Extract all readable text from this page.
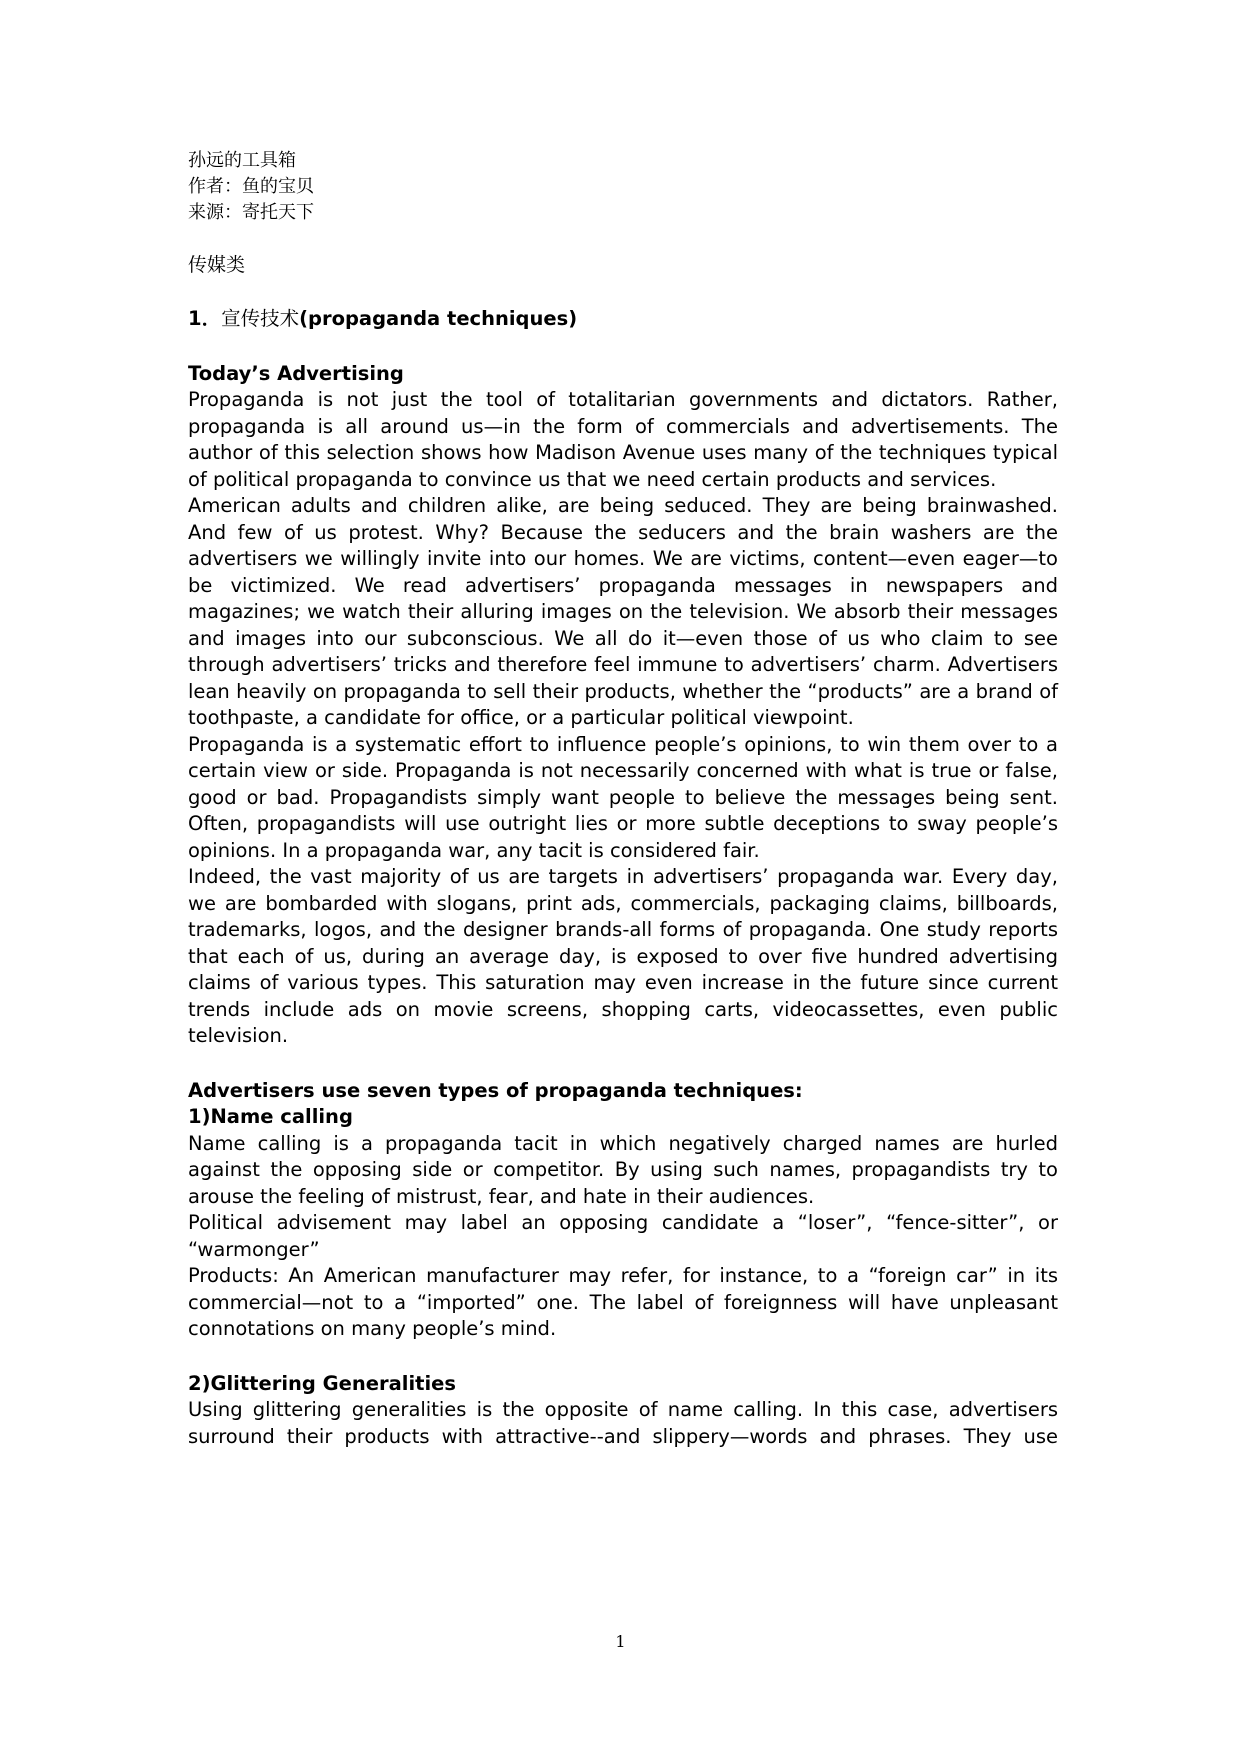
孙远的工具箱

作者：鱼的宝贝

来源：寄托天下

传媒类

1．宣传技术(propaganda techniques)

Today’s Advertising

Propaganda is not just the tool of totalitarian governments and dictators. Rather, propaganda is all around us—in the form of commercials and advertisements. The author of this selection shows how Madison Avenue uses many of the techniques typical of political propaganda to convince us that we need certain products and services.

American adults and children alike, are being seduced. They are being brainwashed. And few of us protest. Why? Because the seducers and the brain washers are the advertisers we willingly invite into our homes. We are victims, content—even eager—to be victimized. We read advertisers’ propaganda messages in newspapers and magazines; we watch their alluring images on the television. We absorb their messages and images into our subconscious. We all do it—even those of us who claim to see through advertisers’ tricks and therefore feel immune to advertisers’ charm. Advertisers lean heavily on propaganda to sell their products, whether the “products” are a brand of toothpaste, a candidate for office, or a particular political viewpoint.

Propaganda is a systematic effort to influence people’s opinions, to win them over to a certain view or side. Propaganda is not necessarily concerned with what is true or false, good or bad. Propagandists simply want people to believe the messages being sent. Often, propagandists will use outright lies or more subtle deceptions to sway people’s opinions. In a propaganda war, any tacit is considered fair.

Indeed, the vast majority of us are targets in advertisers’ propaganda war. Every day, we are bombarded with slogans, print ads, commercials, packaging claims, billboards, trademarks, logos, and the designer brands-all forms of propaganda. One study reports that each of us, during an average day, is exposed to over five hundred advertising claims of various types. This saturation may even increase in the future since current trends include ads on movie screens, shopping carts, videocassettes, even public television.

Advertisers use seven types of propaganda techniques:

1)Name calling

Name calling is a propaganda tacit in which negatively charged names are hurled against the opposing side or competitor. By using such names, propagandists try to arouse the feeling of mistrust, fear, and hate in their audiences.

Political advisement may label an opposing candidate a “loser”, “fence-sitter”, or “warmonger”

Products: An American manufacturer may refer, for instance, to a “foreign car” in its commercial—not to a “imported” one. The label of foreignness will have unpleasant connotations on many people’s mind.

2)Glittering Generalities

Using glittering generalities is the opposite of name calling. In this case, advertisers surround their products with attractive--and slippery—words and phrases. They use

1
